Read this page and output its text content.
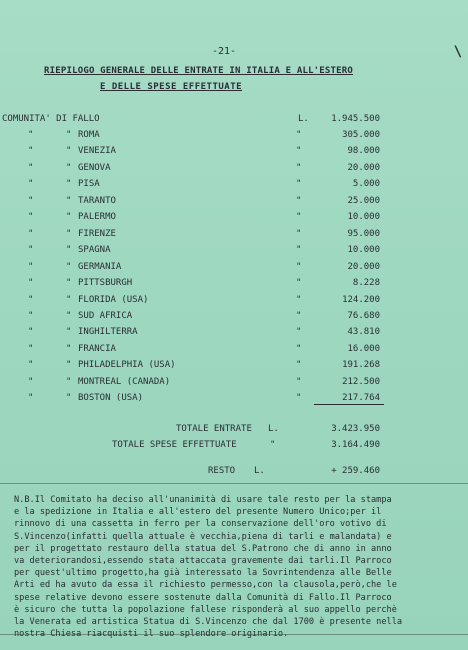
-21-	\
RIEPILOGO GENERALE DELLE ENTRATE IN ITALIA E ALL'ESTERO
E DELLE SPESE EFFETTUATE
COMUNITA' DI FALLO	L. 1.945.500
"	" ROMA	"	305.000
"	" VENEZIA	"	98.000
"	" GENOVA	"	20.000
"	" PISA	"	5.000
"	" TARANTO	"	25.000
"	" PALERMO	"	10.000
"	" FIRENZE	"	95.000
"	" SPAGNA	"	10.000
"	" GERMANIA	"	20.000
"	" PITTSBURGH	"	8.228
"	" FLORIDA (USA)	"	124.200
"	" SUD AFRICA	"	76.680
"	" INGHILTERRA	"	43.810
"	" FRANCIA	"	16.000
"	" PHILADELPHIA (USA)	"	191.268
"	" MONTREAL (CANADA)	"	212.500
"	" BOSTON (USA)	"	217.764
TOTALE ENTRATE L.	3.423.950
TOTALE SPESE EFFETTUATE	"	3.164.490
RESTO L.	+ 259.460
N.B.Il Comitato ha deciso all'unanimità di usare tale resto per la stampa
e la spedizione in Italia e all'estero del presente Numero Unico;per il
rinnovo di una cassetta in ferro per la conservazione dell'oro votivo di
S.Vincenzo(infatti quella attuale è vecchia,piena di tarli e malandata) e
per il progettato restauro della statua del S.Patrono che di anno in anno
va deteriorandosi,essendo stata attaccata gravemente dai tarli.Il Parroco
per quest'ultimo progetto,ha già interessato la Sovrintendenza alle Belle
Arti ed ha avuto da essa il richiesto permesso,con la clausola,però,che le
spese relative devono essere sostenute dalla Comunità di Fallo.Il Parroco
è sicuro che tutta la popolazione fallese risponderà al suo appello perchè
la Venerata ed artistica Statua di S.Vincenzo che dal 1700 è presente nella
nostra Chiesa riacquisti il suo splendore originario.
